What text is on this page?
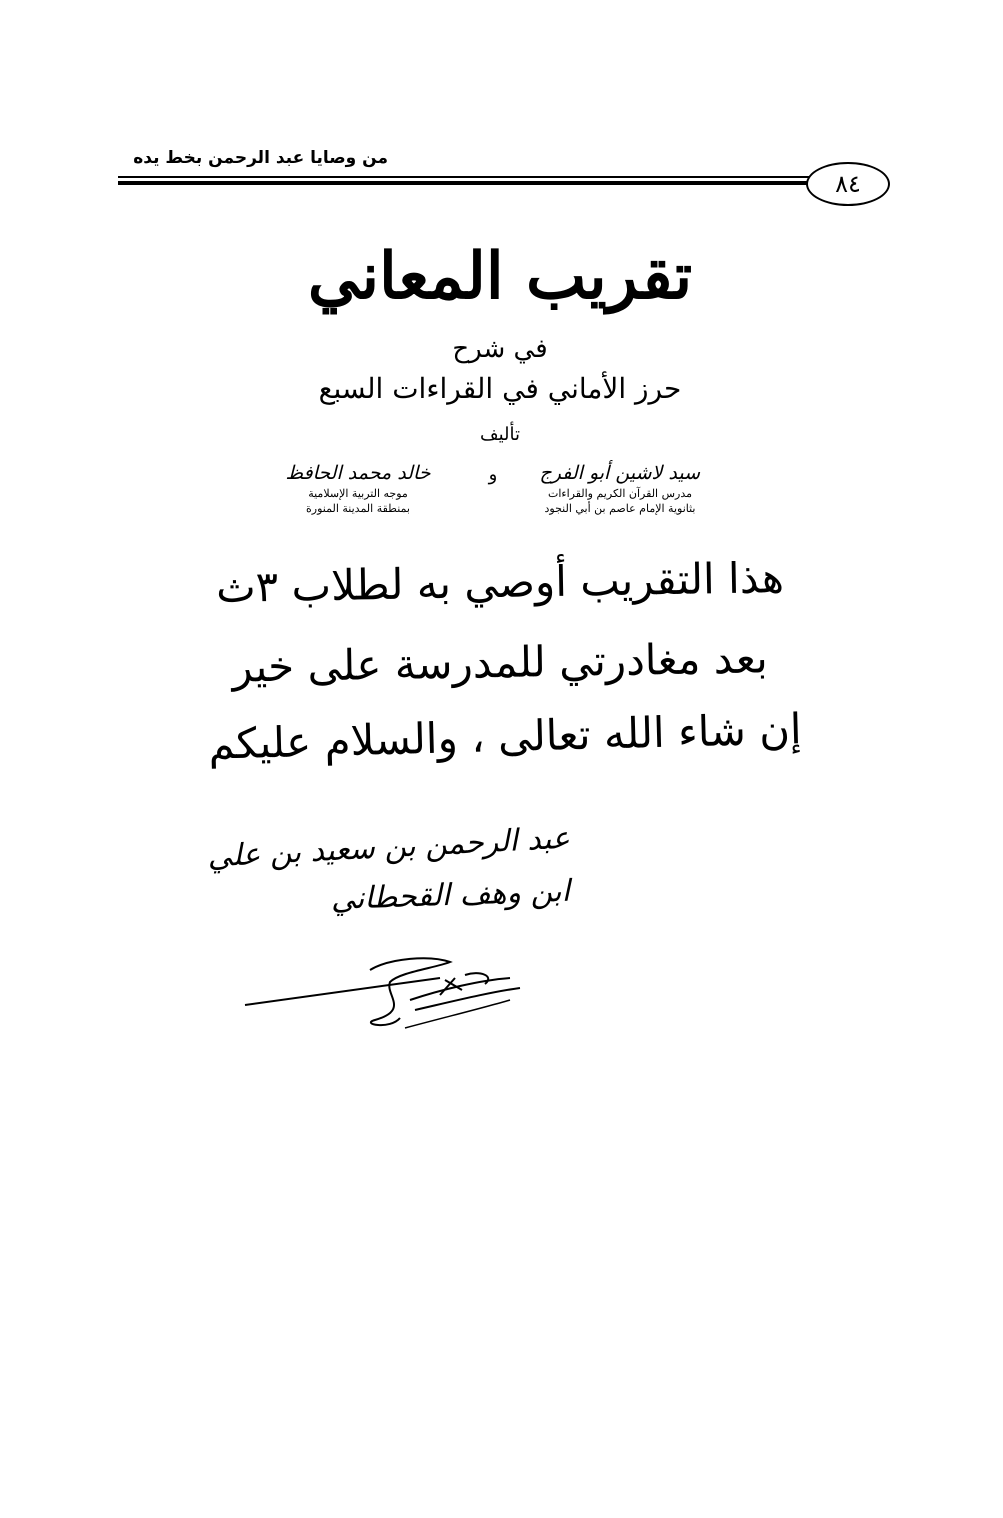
من وصايا عبد الرحمن بخط يده
٨٤
تقريب المعاني
في شرح
حرز الأماني في القراءات السبع
تأليف
سيد لاشين أبو الفرج
مدرس القرآن الكريم والقراءات
بثانوية الإمام عاصم بن أبي النجود
و
خالد محمد الحافظ
موجه التربية الإسلامية
بمنطقة المدينة المنورة
هذا التقريب أوصي به لطلاب ٣ث
بعد مغادرتي للمدرسة على خير
إن شاء الله تعالى ، والسلام عليكم
عبد الرحمن بن سعيد بن علي
ابن وهف القحطاني
